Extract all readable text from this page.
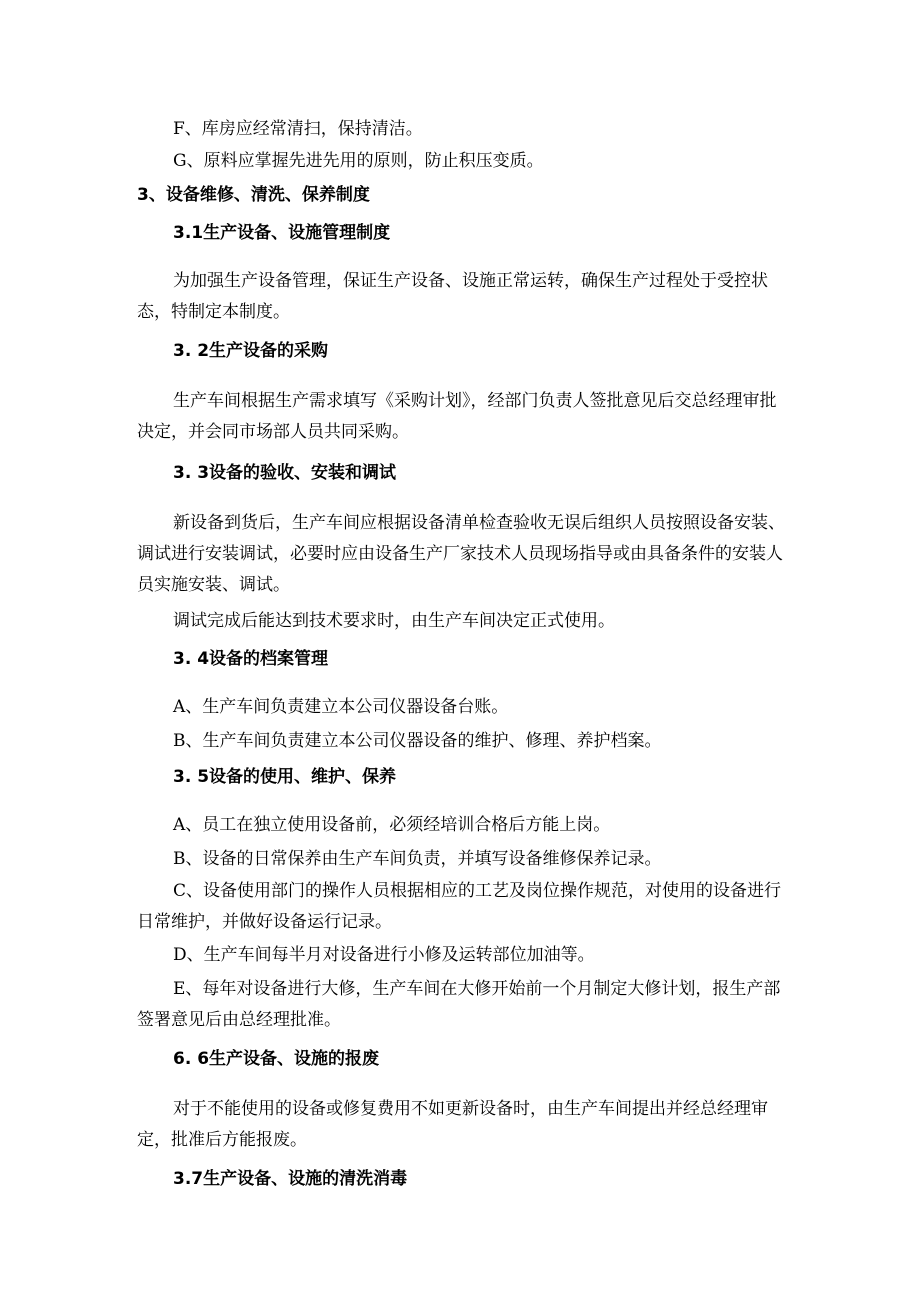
F、库房应经常清扫，保持清洁。

G、原料应掌握先进先用的原则，防止积压变质。

3、设备维修、清洗、保养制度

3.1生产设备、设施管理制度

为加强生产设备管理，保证生产设备、设施正常运转，确保生产过程处于受控状态，特制定本制度。

3. 2生产设备的采购

生产车间根据生产需求填写《采购计划》，经部门负责人签批意见后交总经理审批决定，并会同市场部人员共同采购。

3. 3设备的验收、安装和调试

新设备到货后，生产车间应根据设备清单检查验收无误后组织人员按照设备安装、调试进行安装调试，必要时应由设备生产厂家技术人员现场指导或由具备条件的安装人员实施安装、调试。

调试完成后能达到技术要求时，由生产车间决定正式使用。

3. 4设备的档案管理

A、生产车间负责建立本公司仪器设备台账。

B、生产车间负责建立本公司仪器设备的维护、修理、养护档案。

3. 5设备的使用、维护、保养

A、员工在独立使用设备前，必须经培训合格后方能上岗。

B、设备的日常保养由生产车间负责，并填写设备维修保养记录。

C、设备使用部门的操作人员根据相应的工艺及岗位操作规范，对使用的设备进行日常维护，并做好设备运行记录。

D、生产车间每半月对设备进行小修及运转部位加油等。

E、每年对设备进行大修，生产车间在大修开始前一个月制定大修计划，报生产部签署意见后由总经理批准。

6. 6生产设备、设施的报废

对于不能使用的设备或修复费用不如更新设备时，由生产车间提出并经总经理审定，批准后方能报废。

3.7生产设备、设施的清洗消毒
